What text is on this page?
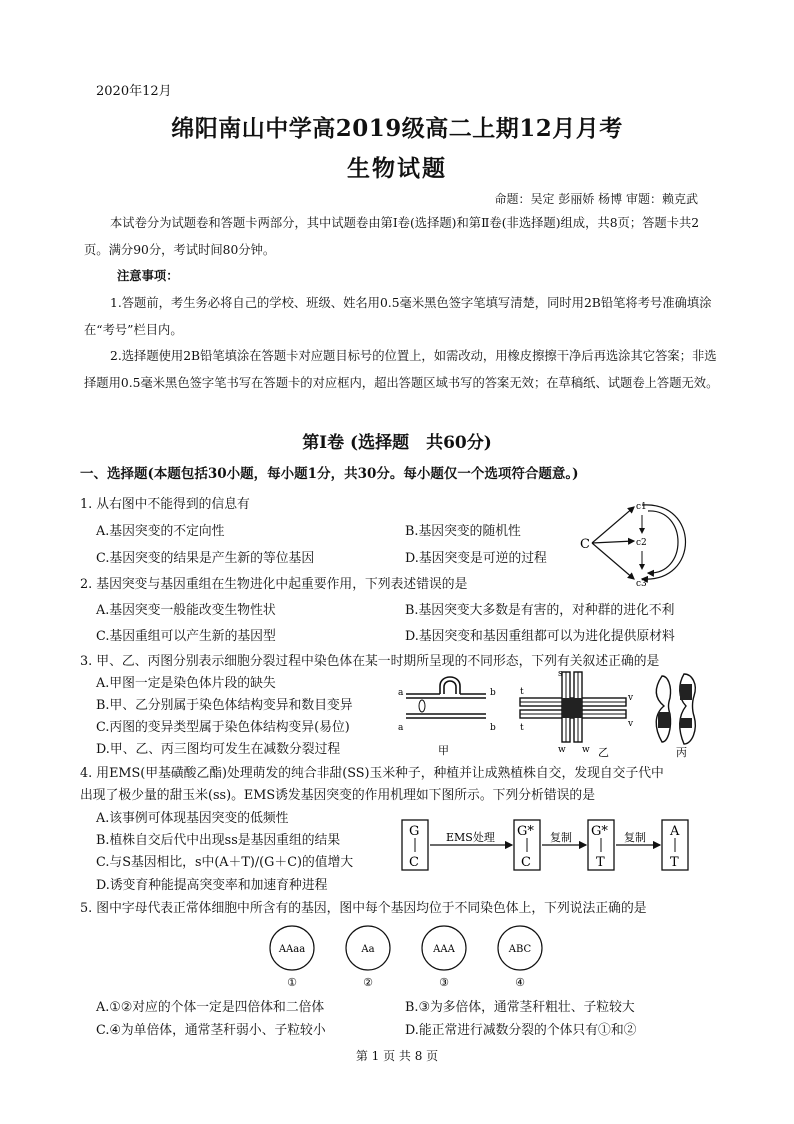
2020年12月
绵阳南山中学高2019级高二上期12月月考
生物试题
命题：吴定 彭丽娇 杨博 审题：赖克武
本试卷分为试题卷和答题卡两部分，其中试题卷由第Ⅰ卷(选择题)和第Ⅱ卷(非选择题)组成，共8页；答题卡共2页。满分90分，考试时间80分钟。
注意事项：
1.答题前，考生务必将自己的学校、班级、姓名用0.5毫米黑色签字笔填写清楚，同时用2B铅笔将考号准确填涂在“考号”栏目内。
2.选择题使用2B铅笔填涂在答题卡对应题目标号的位置上，如需改动，用橡皮擦擦干净后再选涂其它答案；非选择题用0.5毫米黑色签字笔书写在答题卡的对应框内，超出答题区域书写的答案无效；在草稿纸、试题卷上答题无效。
第Ⅰ卷 (选择题　共60分)
一、选择题(本题包括30小题，每小题1分，共30分。每小题仅一个选项符合题意。)
1. 从右图中不能得到的信息有
A.基因突变的不定向性	B.基因突变的随机性
C.基因突变的结果是产生新的等位基因	D.基因突变是可逆的过程
C
c1
c2
c3
2. 基因突变与基因重组在生物进化中起重要作用，下列表述错误的是
A.基因突变一般能改变生物性状	B.基因突变大多数是有害的，对种群的进化不利
C.基因重组可以产生新的基因型	D.基因突变和基因重组都可以为进化提供原材料
3. 甲、乙、丙图分别表示细胞分裂过程中染色体在某一时期所呈现的不同形态，下列有关叙述正确的是
A.甲图一定是染色体片段的缺失
B.甲、乙分别属于染色体结构变异和数目变异
C.丙图的变异类型属于染色体结构变异(易位)
D.甲、乙、丙三图均可发生在减数分裂过程
a	b
a	b
甲
s
t
t
v
v
w w 乙	丙
4. 用EMS(甲基磺酸乙酯)处理萌发的纯合非甜(SS)玉米种子，种植并让成熟植株自交，发现自交子代中
出现了极少量的甜玉米(ss)。EMS诱发基因突变的作用机理如下图所示。下列分析错误的是
A.该事例可体现基因突变的低频性
B.植株自交后代中出现ss是基因重组的结果
C.与S基因相比，s中(A＋T)/(G＋C)的值增大
D.诱变育种能提高突变率和加速育种进程
G
C
G*
C
G*
T
A
T
EMS处理	复制	复制
5. 图中字母代表正常体细胞中所含有的基因，图中每个基因均位于不同染色体上，下列说法正确的是
AAaa
①
Aa
②
AAA
③
ABC
④
A.①②对应的个体一定是四倍体和二倍体	B.③为多倍体，通常茎秆粗壮、子粒较大
C.④为单倍体，通常茎秆弱小、子粒较小	D.能正常进行减数分裂的个体只有①和②
第 1 页 共 8 页
